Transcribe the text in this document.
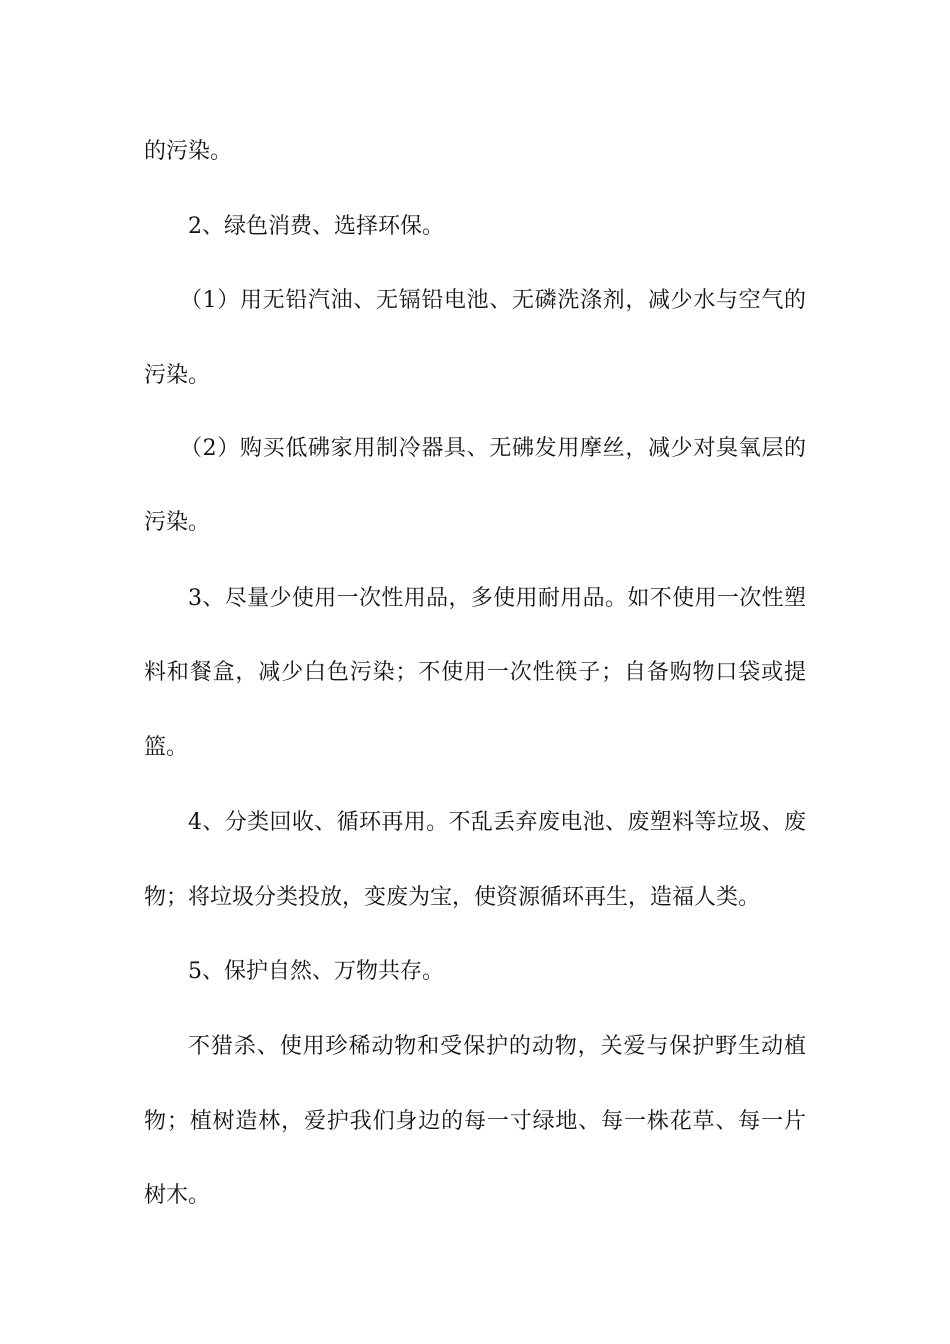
的污染。
2、绿色消费、选择环保。
（1）用无铅汽油、无镉铅电池、无磷洗涤剂，减少水与空气的
污染。
（2）购买低砩家用制冷器具、无砩发用摩丝，减少对臭氧层的
污染。
3、尽量少使用一次性用品，多使用耐用品。如不使用一次性塑
料和餐盒，减少白色污染；不使用一次性筷子；自备购物口袋或提
篮。
4、分类回收、循环再用。不乱丢弃废电池、废塑料等垃圾、废
物；将垃圾分类投放，变废为宝，使资源循环再生，造福人类。
5、保护自然、万物共存。
不猎杀、使用珍稀动物和受保护的动物，关爱与保护野生动植
物；植树造林，爱护我们身边的每一寸绿地、每一株花草、每一片
树木。
